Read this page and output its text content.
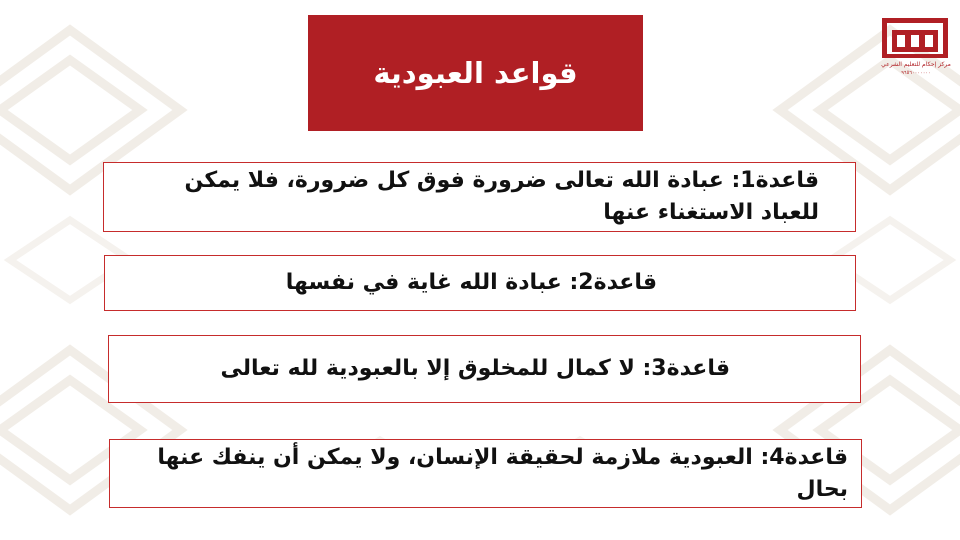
قواعد العبودية	مركز إحكام للتعليم الشرعي
٩٦٥٦٠٠٠٠٠٠٠
قاعدة1: عبادة الله تعالى ضرورة فوق كل ضرورة، فلا يمكن للعباد الاستغناء عنها
قاعدة2: عبادة الله غاية في نفسها
قاعدة3: لا كمال للمخلوق إلا بالعبودية لله تعالى
قاعدة4: العبودية ملازمة لحقيقة الإنسان، ولا يمكن أن ينفك عنها بحال
